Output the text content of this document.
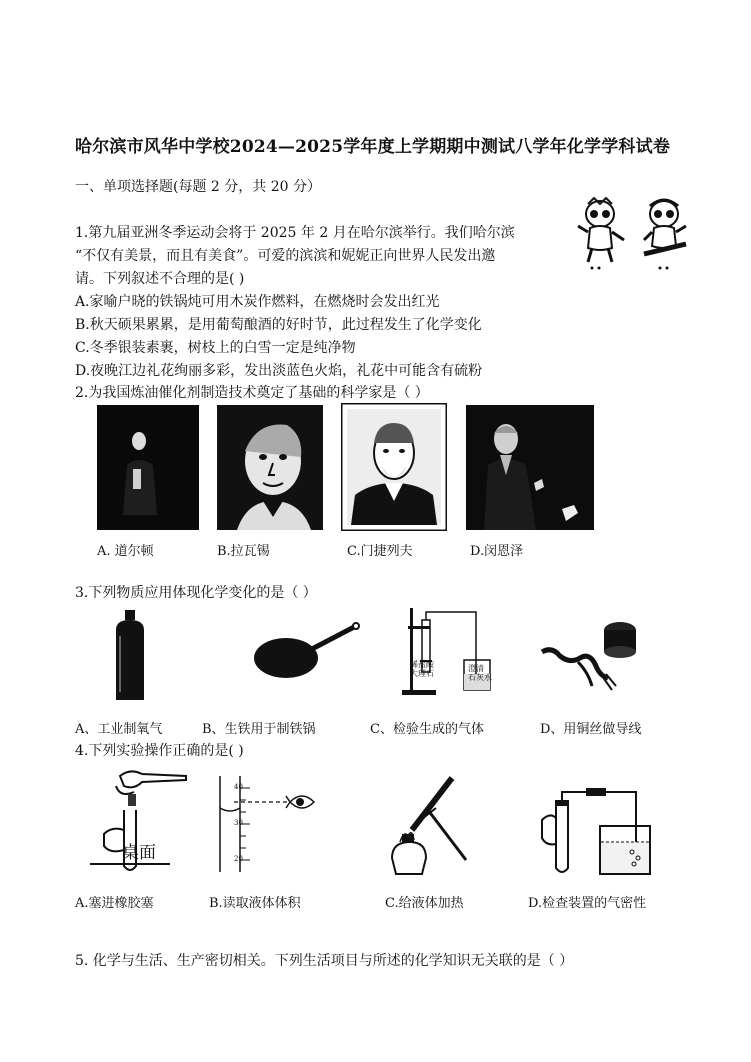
哈尔滨市风华中学校2024—2025学年度上学期期中测试八学年化学学科试卷
一、单项选择题(每题 2 分，共 20 分）
1.第九届亚洲冬季运动会将于 2025 年 2 月在哈尔滨举行。我们哈尔滨
“不仅有美景，而且有美食”。可爱的滨滨和妮妮正向世界人民发出邀
请。下列叙述不合理的是( )
A.家喻户晓的铁锅炖可用木炭作燃料，在燃烧时会发出红光
B.秋天硕果累累，是用葡萄酿酒的好时节，此过程发生了化学变化
C.冬季银装素裹，树枝上的白雪一定是纯净物
D.夜晚江边礼花绚丽多彩，发出淡蓝色火焰，礼花中可能含有硫粉
2.为我国炼油催化剂制造技术奠定了基础的科学家是（ ）
A. 道尔顿	B.拉瓦锡	C.门捷列夫	D.闵恩泽
3.下列物质应用体现化学变化的是（ ）
A、工业制氧气	B、生铁用于制铁锅
稀盐酸
大理石
澄清
石灰水
C、检验生成的气体	D、用铜丝做导线
4.下列实验操作正确的是( )
桌面
A.塞进橡胶塞
40
30
20
B.读取液体体积	C.给液体加热	D.检查装置的气密性
5. 化学与生活、生产密切相关。下列生活项目与所述的化学知识无关联的是（ ）
